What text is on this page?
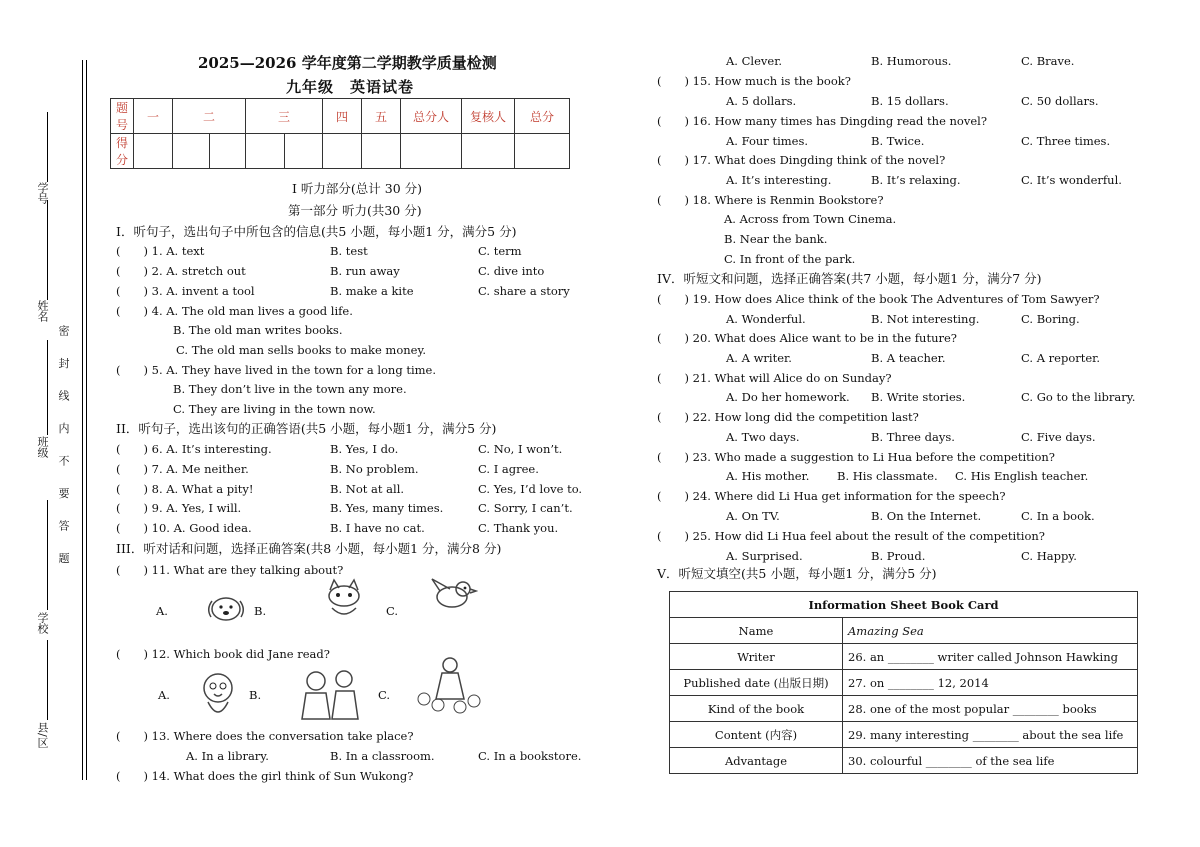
学号
姓名
班级
学校
县/区
密 封 线 内 不 要 答 题
2025—2026 学年度第二学期教学质量检测
九年级　英语试卷
题号	一	二		三		四	五	总分人	复核人	总分
得分										
I 听力部分(总计 30 分)
第一部分 听力(共30 分)
I．听句子，选出句子中所包含的信息(共5 小题，每小题1 分，满分5 分)
(　　) 1. A. text	B. test	C. term
(　　) 2. A. stretch out	B. run away	C. dive into
(　　) 3. A. invent a tool	B. make a kite	C. share a story
(　　) 4. A. The old man lives a good life.
B. The old man writes books.
C. The old man sells books to make money.
(　　) 5. A. They have lived in the town for a long time.
B. They don’t live in the town any more.
C. They are living in the town now.
II．听句子，选出该句的正确答语(共5 小题，每小题1 分，满分5 分)
(　　) 6. A. It’s interesting.	B. Yes, I do.	C. No, I won’t.
(　　) 7. A. Me neither.	B. No problem.	C. I agree.
(　　) 8. A. What a pity!	B. Not at all.	C. Yes, I’d love to.
(　　) 9. A. Yes, I will.	B. Yes, many times.	C. Sorry, I can’t.
(　　) 10. A. Good idea.	B. I have no cat.	C. Thank you.
III．听对话和问题，选择正确答案(共8 小题，每小题1 分，满分8 分)
(　　) 11. What are they talking about?
A.	B.	C.
(　　) 12. Which book did Jane read?
A.	B.	C.
(　　) 13. Where does the conversation take place?
A. In a library.	B. In a classroom.	C. In a bookstore.
(　　) 14. What does the girl think of Sun Wukong?
A. Clever.	B. Humorous.	C. Brave.
(　　) 15. How much is the book?
A. 5 dollars.	B. 15 dollars.	C. 50 dollars.
(　　) 16. How many times has Dingding read the novel?
A. Four times.	B. Twice.	C. Three times.
(　　) 17. What does Dingding think of the novel?
A. It’s interesting.	B. It’s relaxing.	C. It’s wonderful.
(　　) 18. Where is Renmin Bookstore?
A. Across from Town Cinema.
B. Near the bank.
C. In front of the park.
IV．听短文和问题，选择正确答案(共7 小题，每小题1 分，满分7 分)
(　　) 19. How does Alice think of the book The Adventures of Tom Sawyer?
A. Wonderful.	B. Not interesting.	C. Boring.
(　　) 20. What does Alice want to be in the future?
A. A writer.	B. A teacher.	C. A reporter.
(　　) 21. What will Alice do on Sunday?
A. Do her homework. B. Write stories.	C. Go to the library.
(　　) 22. How long did the competition last?
A. Two days.	B. Three days.	C. Five days.
(　　) 23. Who made a suggestion to Li Hua before the competition?
A. His mother. B. His classmate. C. His English teacher.
(　　) 24. Where did Li Hua get information for the speech?
A. On TV.	B. On the Internet.	C. In a book.
(　　) 25. How did Li Hua feel about the result of the competition?
A. Surprised.	B. Proud.	C. Happy.
V．听短文填空(共5 小题，每小题1 分，满分5 分)
Information Sheet Book Card	
Name	Amazing Sea
Writer	26. an ________ writer called Johnson Hawking
Published date (出版日期)	27. on ________ 12, 2014
Kind of the book	28. one of the most popular ________ books
Content (内容)	29. many interesting ________ about the sea life
Advantage	30. colourful ________ of the sea life
